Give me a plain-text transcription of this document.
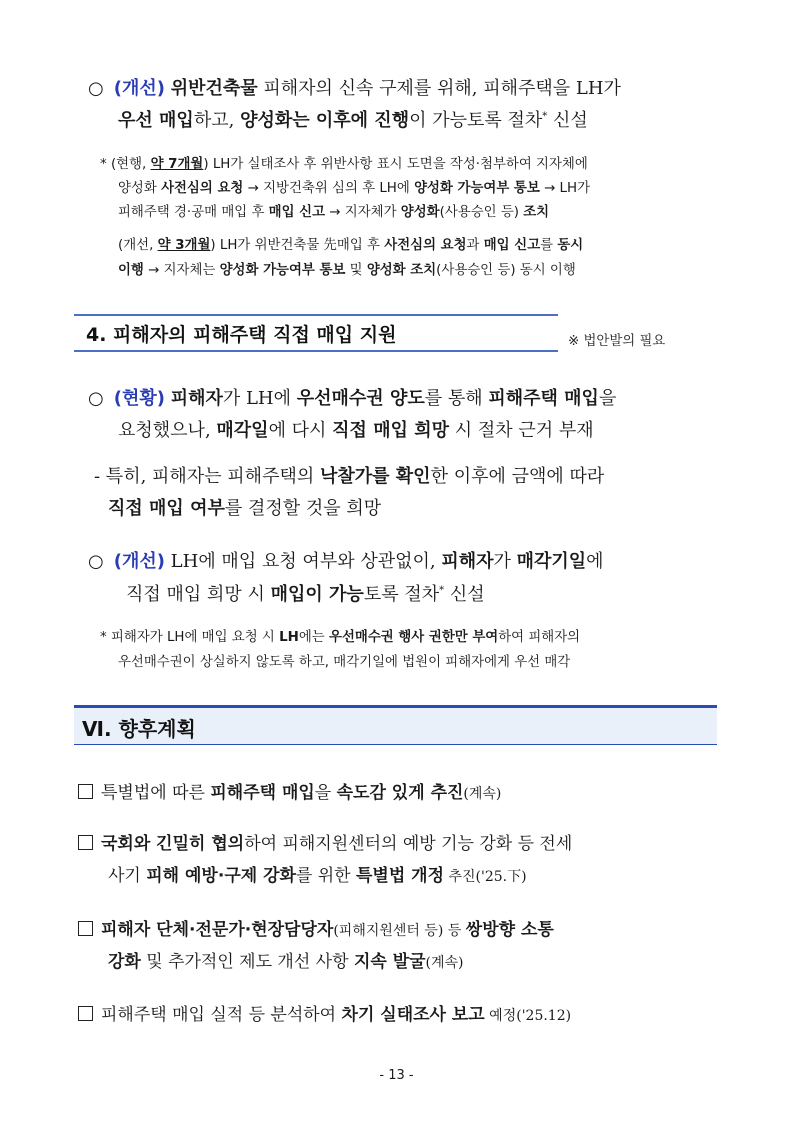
○ (개선) 위반건축물 피해자의 신속 구제를 위해, 피해주택을 LH가
우선 매입하고, 양성화는 이후에 진행이 가능토록 절차* 신설
* (현행, 약 7개월) LH가 실태조사 후 위반사항 표시 도면을 작성·첨부하여 지자체에
양성화 사전심의 요청 → 지방건축위 심의 후 LH에 양성화 가능여부 통보 → LH가
피해주택 경·공매 매입 후 매입 신고 → 지자체가 양성화(사용승인 등) 조치
(개선, 약 3개월) LH가 위반건축물 先매입 후 사전심의 요청과 매입 신고를 동시
이행 → 지자체는 양성화 가능여부 통보 및 양성화 조치(사용승인 등) 동시 이행
4. 피해자의 피해주택 직접 매입 지원	※ 법안발의 필요
○ (현황) 피해자가 LH에 우선매수권 양도를 통해 피해주택 매입을
요청했으나, 매각일에 다시 직접 매입 희망 시 절차 근거 부재
- 특히, 피해자는 피해주택의 낙찰가를 확인한 이후에 금액에 따라
직접 매입 여부를 결정할 것을 희망
○ (개선) LH에 매입 요청 여부와 상관없이, 피해자가 매각기일에
직접 매입 희망 시 매입이 가능토록 절차* 신설
* 피해자가 LH에 매입 요청 시 LH에는 우선매수권 행사 권한만 부여하여 피해자의
우선매수권이 상실하지 않도록 하고, 매각기일에 법원이 피해자에게 우선 매각
Ⅵ. 향후계획
특별법에 따른 피해주택 매입을 속도감 있게 추진(계속)
국회와 긴밀히 협의하여 피해지원센터의 예방 기능 강화 등 전세
사기 피해 예방·구제 강화를 위한 특별법 개정 추진('25.下)
피해자 단체·전문가·현장담당자(피해지원센터 등) 등 쌍방향 소통
강화 및 추가적인 제도 개선 사항 지속 발굴(계속)
피해주택 매입 실적 등 분석하여 차기 실태조사 보고 예정('25.12)
- 13 -
